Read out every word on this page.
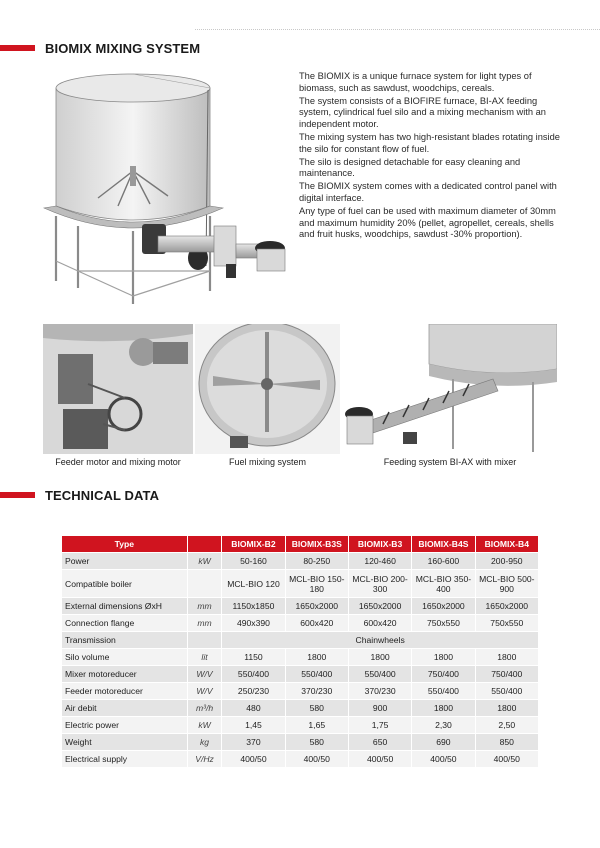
BIOMIX MIXING SYSTEM

The BIOMIX is a unique furnace system for light types of biomass, such as sawdust, woodchips, cereals.

The system consists of a BIOFIRE furnace, BI-AX feeding system, cylindrical fuel silo and a mixing mechanism with an independent motor.

The mixing system has two high-resistant blades rotating inside the silo for constant flow of fuel.

The silo is designed detachable for easy cleaning and maintenance.

The BIOMIX system comes with a dedicated control panel with digital interface.

Any type of fuel can be used with maximum diameter of 30mm and maximum humidity 20% (pellet, agropellet, cereals, shells and fruit husks, woodchips, sawdust -30% proportion).

Feeder motor and mixing motor	Fuel mixing system	Feeding system BI-AX with mixer
TECHNICAL DATA
Type		BIOMIX-B2	BIOMIX-B3S	BIOMIX-B3	BIOMIX-B4S	BIOMIX-B4
Power	kW	50-160	80-250	120-460	160-600	200-950
Compatible boiler		MCL-BIO 120	MCL-BIO 150-180	MCL-BIO 200-300	MCL-BIO 350-400	MCL-BIO 500-900
External dimensions ØxH	mm	1150x1850	1650x2000	1650x2000	1650x2000	1650x2000
Connection flange	mm	490x390	600x420	600x420	750x550	750x550
Transmission		Chainwheels				
Silo volume	lit	1150	1800	1800	1800	1800
Mixer motoreducer	W/V	550/400	550/400	550/400	750/400	750/400
Feeder motoreducer	W/V	250/230	370/230	370/230	550/400	550/400
Air debit	m³/h	480	580	900	1800	1800
Electric power	kW	1,45	1,65	1,75	2,30	2,50
Weight	kg	370	580	650	690	850
Electrical supply	V/Hz	400/50	400/50	400/50	400/50	400/50
